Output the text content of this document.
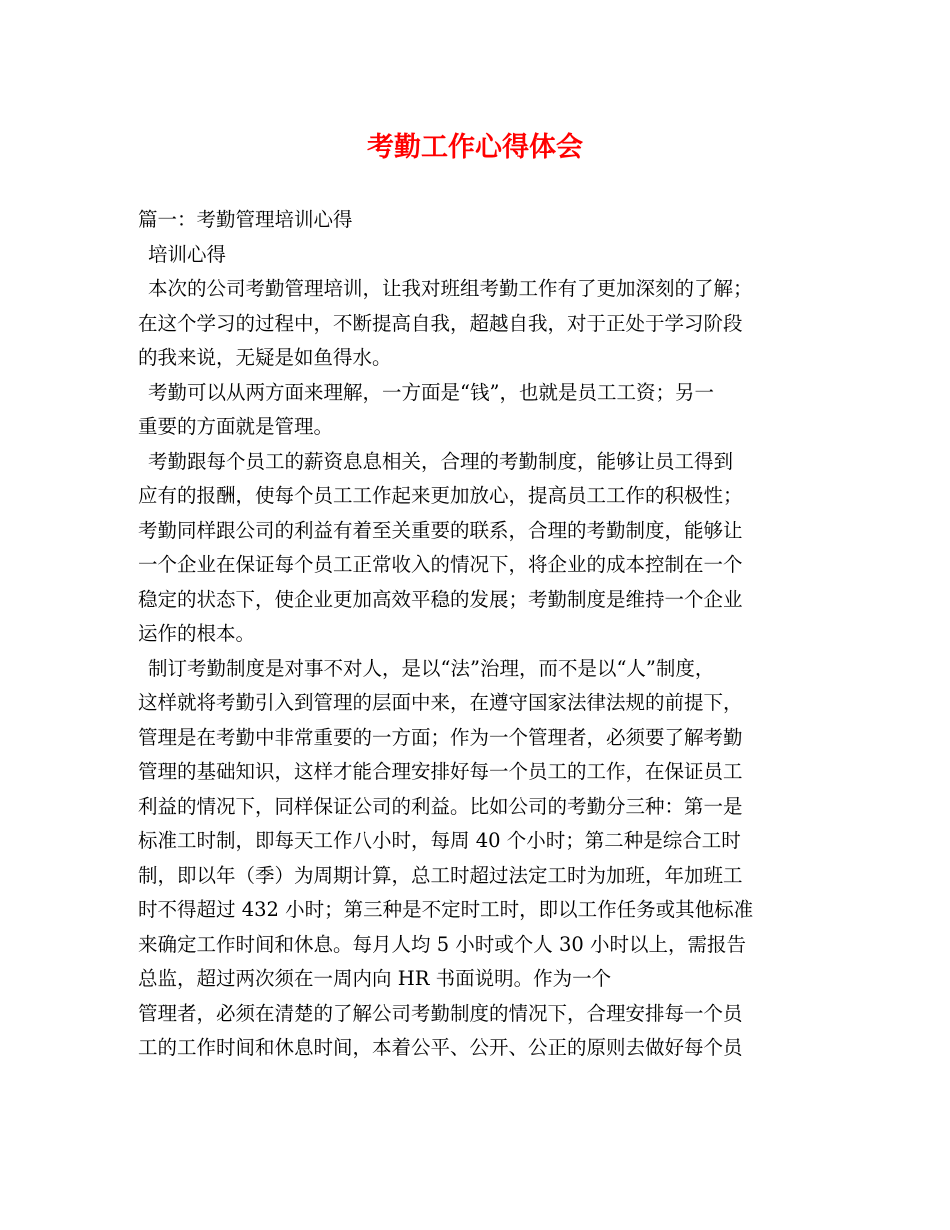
考勤工作心得体会
篇一：考勤管理培训心得
培训心得
本次的公司考勤管理培训，让我对班组考勤工作有了更加深刻的了解；
在这个学习的过程中，不断提高自我，超越自我，对于正处于学习阶段
的我来说，无疑是如鱼得水。
考勤可以从两方面来理解，一方面是“钱”，也就是员工工资；另一
重要的方面就是管理。
考勤跟每个员工的薪资息息相关，合理的考勤制度，能够让员工得到
应有的报酬，使每个员工工作起来更加放心，提高员工工作的积极性；
考勤同样跟公司的利益有着至关重要的联系，合理的考勤制度，能够让
一个企业在保证每个员工正常收入的情况下，将企业的成本控制在一个
稳定的状态下，使企业更加高效平稳的发展；考勤制度是维持一个企业
运作的根本。
制订考勤制度是对事不对人，是以“法”治理，而不是以“人”制度，
这样就将考勤引入到管理的层面中来，在遵守国家法律法规的前提下，
管理是在考勤中非常重要的一方面；作为一个管理者，必须要了解考勤
管理的基础知识，这样才能合理安排好每一个员工的工作，在保证员工
利益的情况下，同样保证公司的利益。比如公司的考勤分三种：第一是
标准工时制，即每天工作八小时，每周 40 个小时；第二种是综合工时
制，即以年（季）为周期计算，总工时超过法定工时为加班，年加班工
时不得超过 432 小时；第三种是不定时工时，即以工作任务或其他标准
来确定工作时间和休息。每月人均 5 小时或个人 30 小时以上，需报告
总监，超过两次须在一周内向 HR 书面说明。作为一个
管理者，必须在清楚的了解公司考勤制度的情况下，合理安排每一个员
工的工作时间和休息时间，本着公平、公开、公正的原则去做好每个员
